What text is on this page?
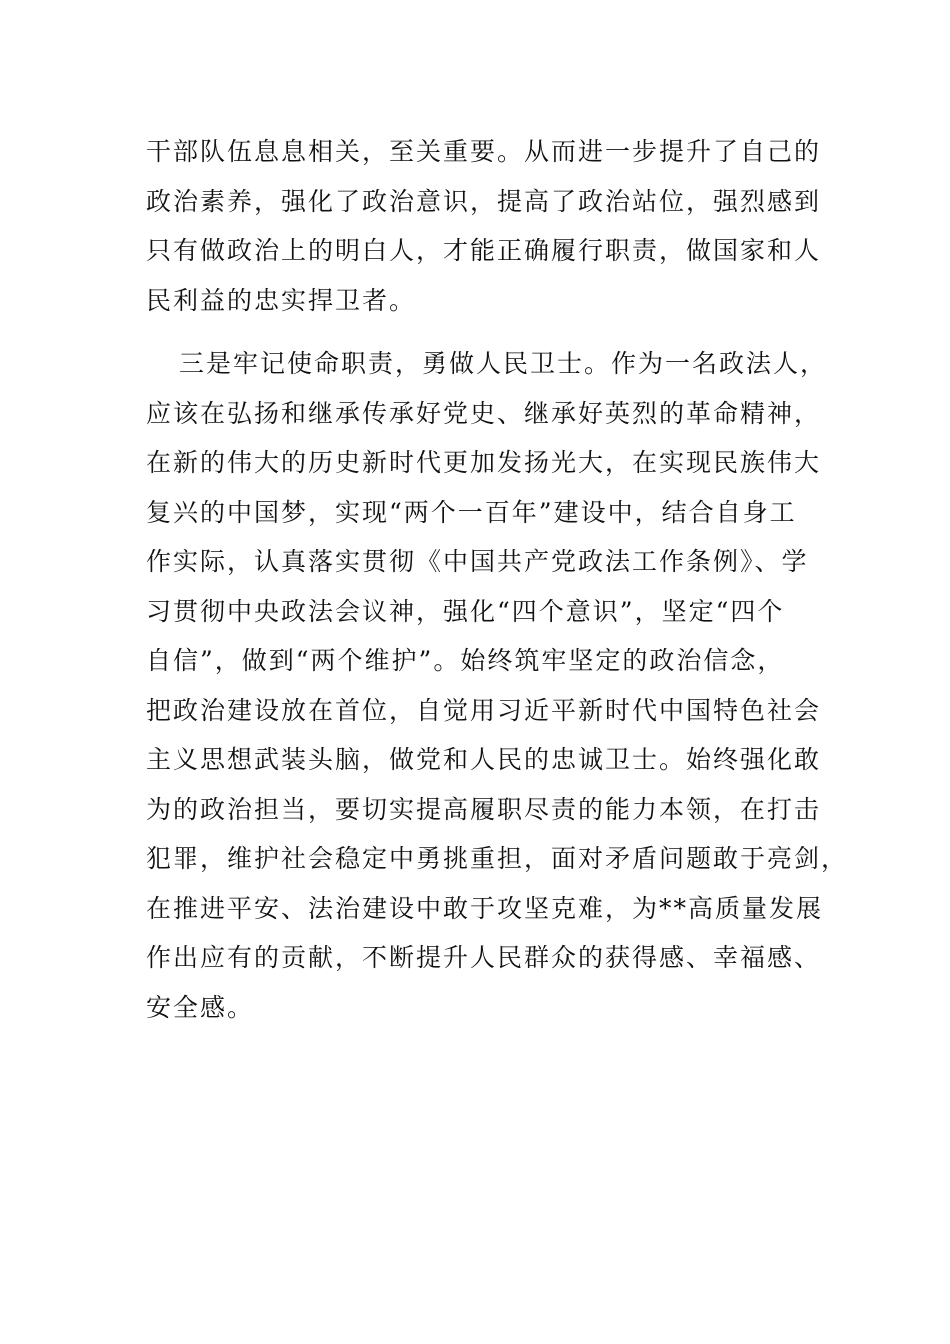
干部队伍息息相关，至关重要。从而进一步提升了自己的
政治素养，强化了政治意识，提高了政治站位，强烈感到
只有做政治上的明白人，才能正确履行职责，做国家和人
民利益的忠实捍卫者。
三是牢记使命职责，勇做人民卫士。作为一名政法人，
应该在弘扬和继承传承好党史、继承好英烈的革命精神，
在新的伟大的历史新时代更加发扬光大，在实现民族伟大
复兴的中国梦，实现“两个一百年”建设中，结合自身工
作实际，认真落实贯彻《中国共产党政法工作条例》、学
习贯彻中央政法会议神，强化“四个意识”，坚定“四个
自信”，做到“两个维护”。始终筑牢坚定的政治信念，
把政治建设放在首位，自觉用习近平新时代中国特色社会
主义思想武装头脑，做党和人民的忠诚卫士。始终强化敢
为的政治担当，要切实提高履职尽责的能力本领，在打击
犯罪，维护社会稳定中勇挑重担，面对矛盾问题敢于亮剑，
在推进平安、法治建设中敢于攻坚克难，为**高质量发展
作出应有的贡献，不断提升人民群众的获得感、幸福感、
安全感。
